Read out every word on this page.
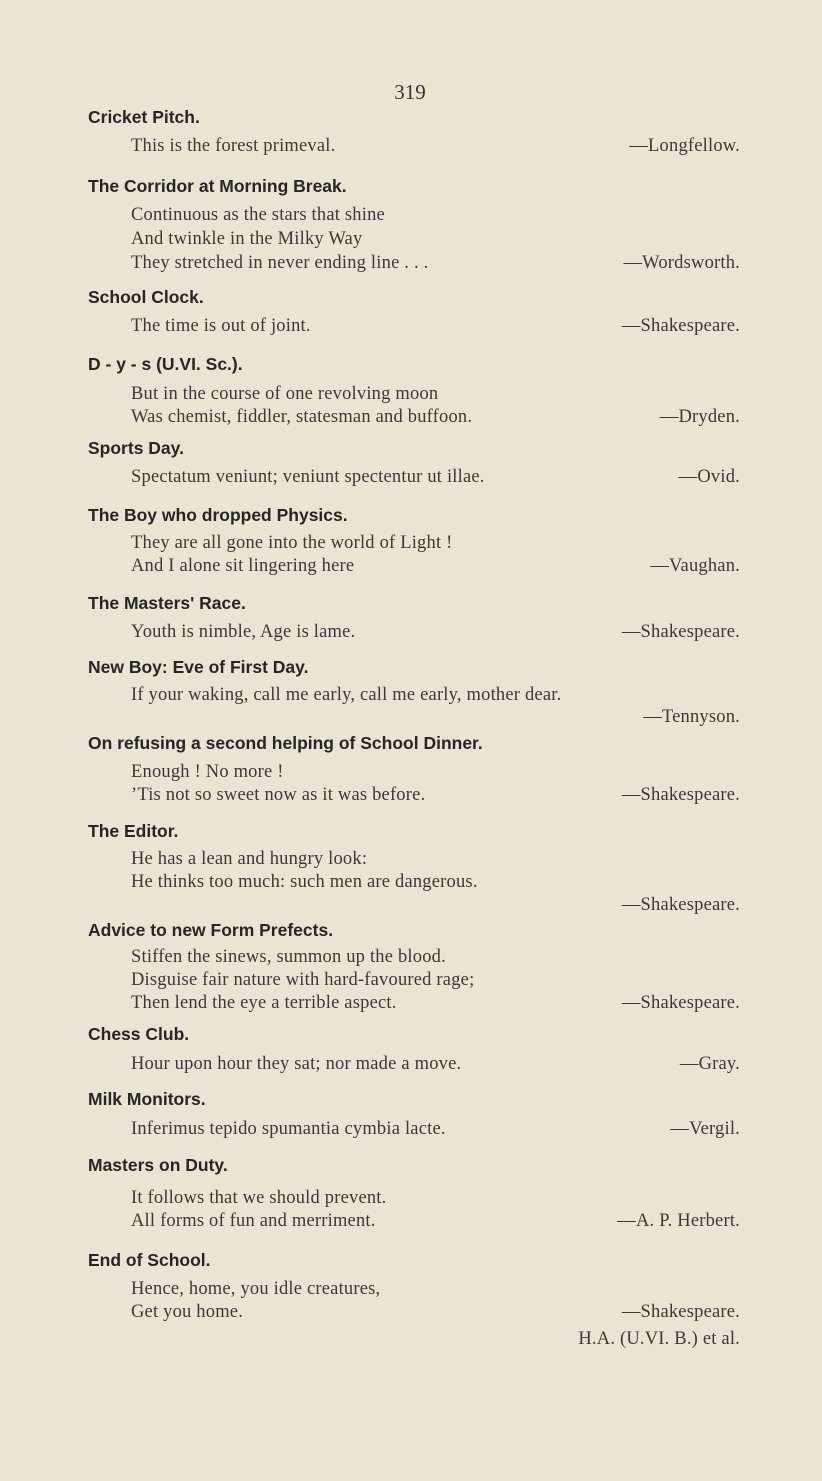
319
Cricket Pitch.
This is the forest primeval.	—Longfellow.
The Corridor at Morning Break.
Continuous as the stars that shine
And twinkle in the Milky Way
They stretched in never ending line . . .	—Wordsworth.
School Clock.
The time is out of joint.	—Shakespeare.
D - y - s (U.VI. Sc.).
But in the course of one revolving moon
Was chemist, fiddler, statesman and buffoon.	—Dryden.
Sports Day.
Spectatum veniunt; veniunt spectentur ut illae.	—Ovid.
The Boy who dropped Physics.
They are all gone into the world of Light !
And I alone sit lingering here	—Vaughan.
The Masters' Race.
Youth is nimble, Age is lame.	—Shakespeare.
New Boy: Eve of First Day.
If your waking, call me early, call me early, mother dear.
—Tennyson.
On refusing a second helping of School Dinner.
Enough ! No more !
’Tis not so sweet now as it was before.	—Shakespeare.
The Editor.
He has a lean and hungry look:
He thinks too much: such men are dangerous.
—Shakespeare.
Advice to new Form Prefects.
Stiffen the sinews, summon up the blood.
Disguise fair nature with hard-favoured rage;
Then lend the eye a terrible aspect.	—Shakespeare.
Chess Club.
Hour upon hour they sat; nor made a move.	—Gray.
Milk Monitors.
Inferimus tepido spumantia cymbia lacte.	—Vergil.
Masters on Duty.
It follows that we should prevent.
All forms of fun and merriment.	—A. P. Herbert.
End of School.
Hence, home, you idle creatures,
Get you home.	—Shakespeare.
H.A. (U.VI. B.) et al.
